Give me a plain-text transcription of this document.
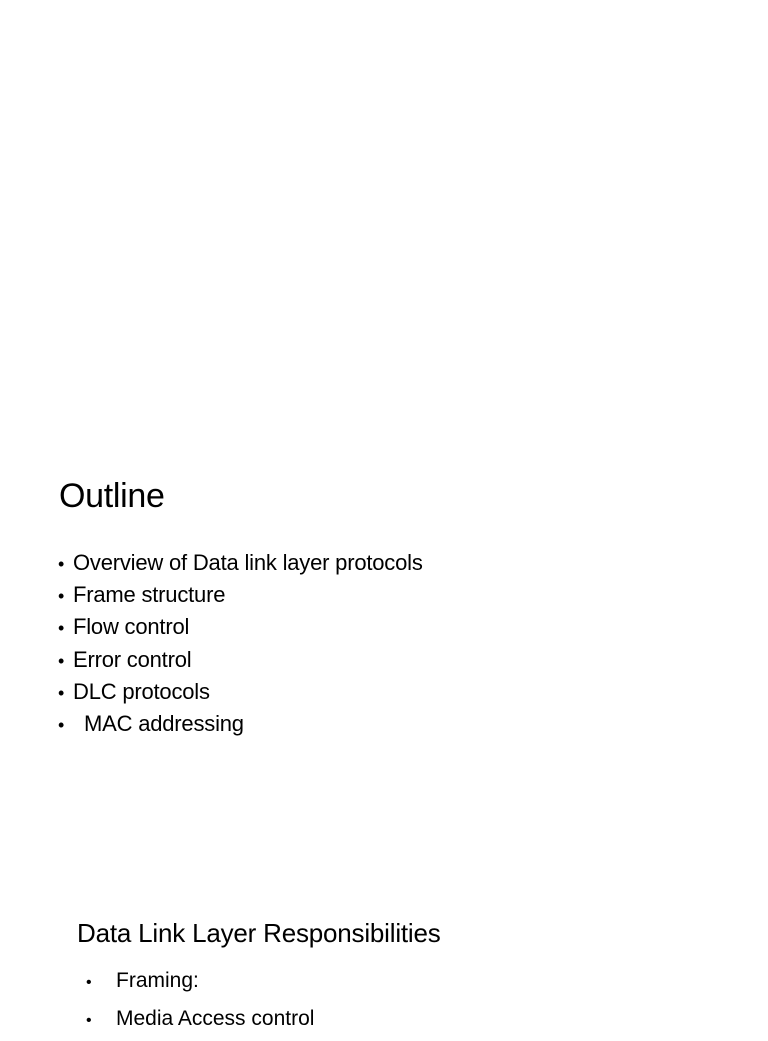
Outline
• Overview of Data link layer protocols
• Frame structure
• Flow control
• Error control
• DLC protocols
• MAC addressing
Data Link Layer Responsibilities
•	Framing:
•	Media Access control
